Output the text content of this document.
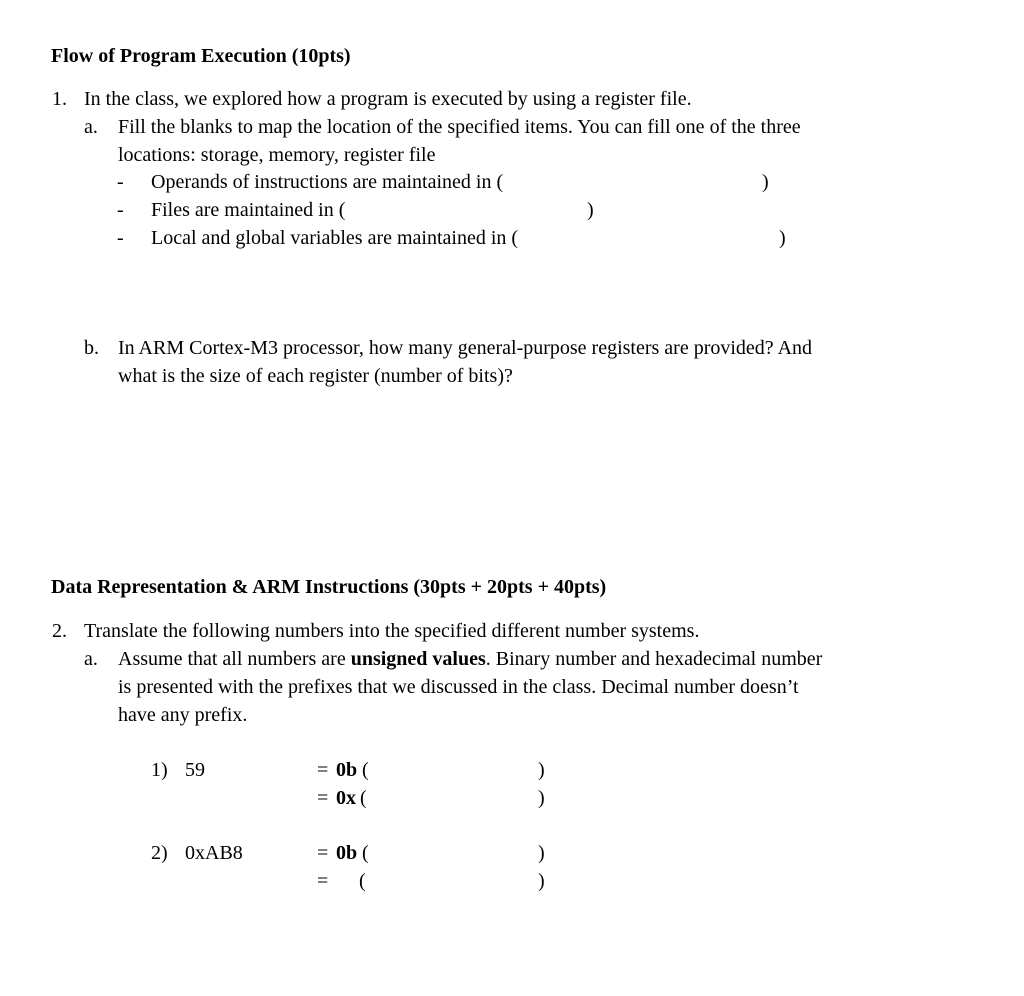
Flow of Program Execution (10pts)
1. In the class, we explored how a program is executed by using a register file.
a. Fill the blanks to map the location of the specified items. You can fill one of the three
locations: storage, memory, register file
- Operands of instructions are maintained in (	)
- Files are maintained in (	)
- Local and global variables are maintained in (	)
b. In ARM Cortex-M3 processor, how many general-purpose registers are provided? And
what is the size of each register (number of bits)?
Data Representation & ARM Instructions (30pts + 20pts + 40pts)
2. Translate the following numbers into the specified different number systems.
a. Assume that all numbers are unsigned values. Binary number and hexadecimal number
is presented with the prefixes that we discussed in the class. Decimal number doesn’t
have any prefix.
1) 59	= 0b (	)
= 0x (	)
2) 0xAB8	= 0b (	)
= (	)
